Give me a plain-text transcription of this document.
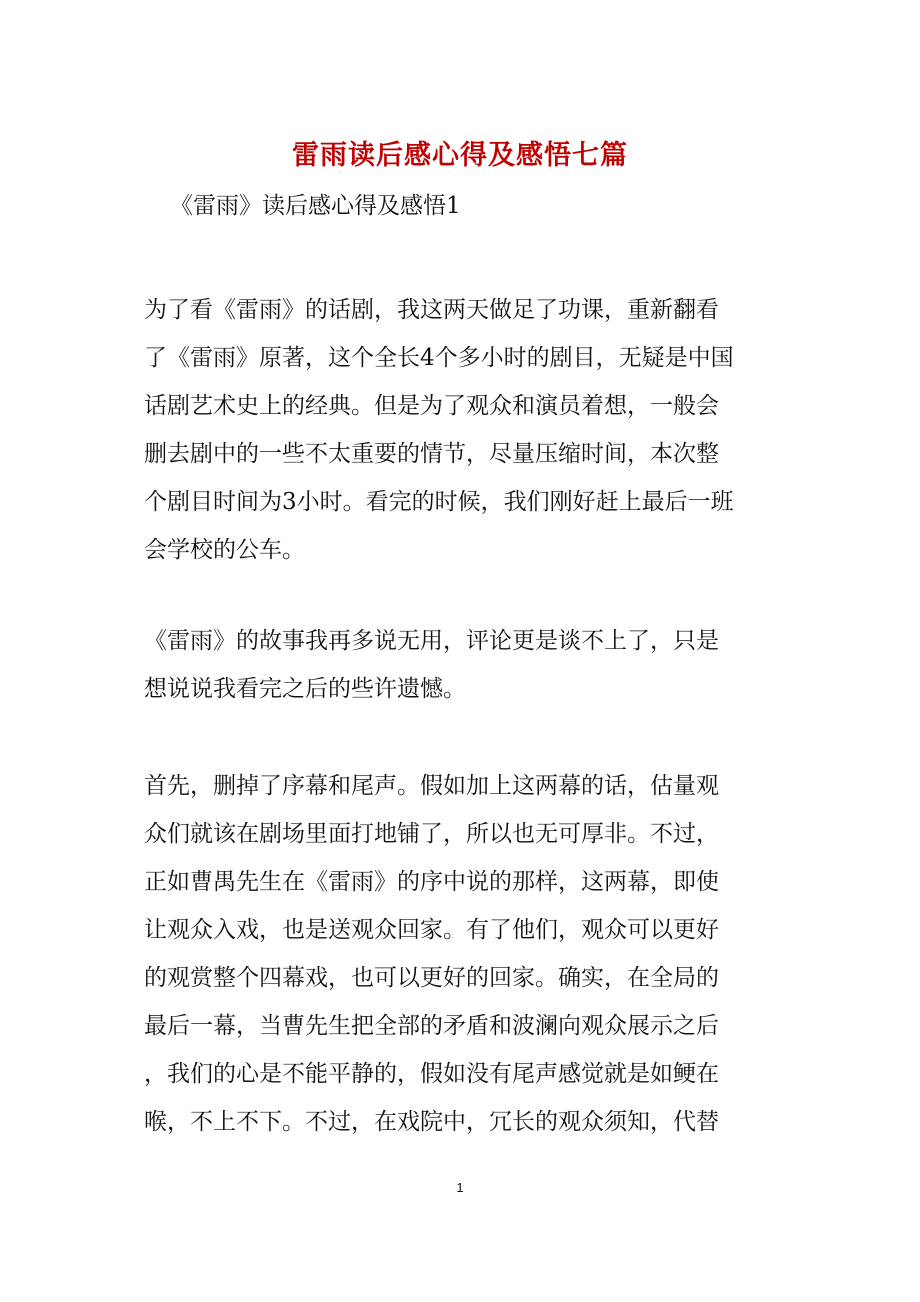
雷雨读后感心得及感悟七篇

《雷雨》读后感心得及感悟1

为了看《雷雨》的话剧，我这两天做足了功课，重新翻看
了《雷雨》原著，这个全长4个多小时的剧目，无疑是中国
话剧艺术史上的经典。但是为了观众和演员着想，一般会
删去剧中的一些不太重要的情节，尽量压缩时间，本次整
个剧目时间为3小时。看完的时候，我们刚好赶上最后一班
会学校的公车。
《雷雨》的故事我再多说无用，评论更是谈不上了，只是
想说说我看完之后的些许遗憾。
首先，删掉了序幕和尾声。假如加上这两幕的话，估量观
众们就该在剧场里面打地铺了，所以也无可厚非。不过，
正如曹禺先生在《雷雨》的序中说的那样，这两幕，即使
让观众入戏，也是送观众回家。有了他们，观众可以更好
的观赏整个四幕戏，也可以更好的回家。确实，在全局的
最后一幕，当曹先生把全部的矛盾和波澜向观众展示之后
，我们的心是不能平静的，假如没有尾声感觉就是如鲠在
喉，不上不下。不过，在戏院中，冗长的观众须知，代替
1
